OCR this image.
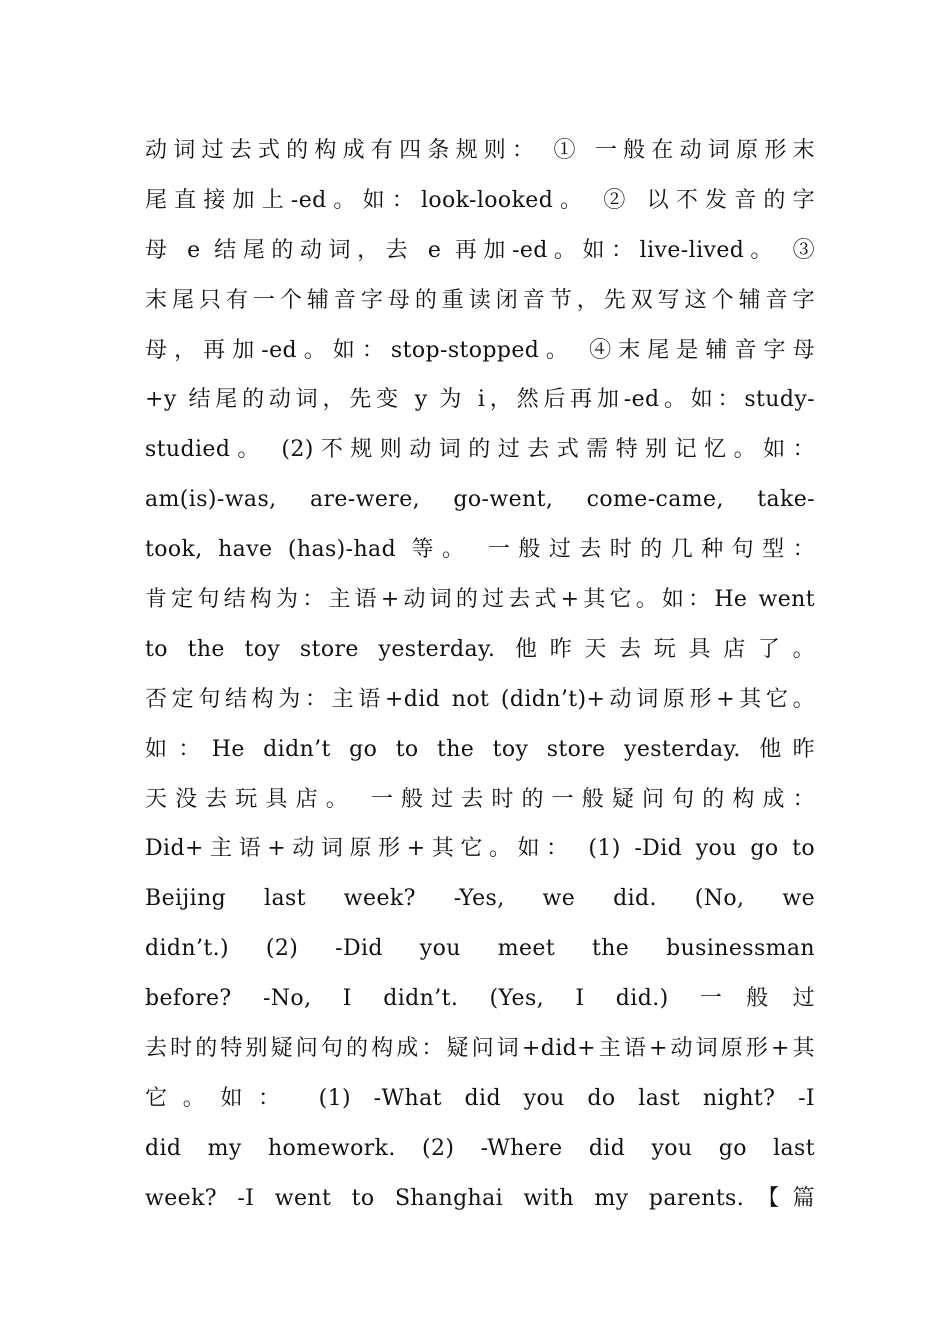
动词过去式的构成有四条规则： ① 一般在动词原形末
尾直接加上-ed。如：look-looked。 ② 以不发音的字
母 e 结尾的动词，去 e 再加-ed。如：live-lived。 ③
末尾只有一个辅音字母的重读闭音节，先双写这个辅音字
母，再加-ed。如：stop-stopped。 ④末尾是辅音字母
+y 结尾的动词，先变 y 为 i，然后再加-ed。如：study-
studied。 (2)不规则动词的过去式需特别记忆。如：
am(is)-was, are-were, go-went, come-came, take-
took, have (has)-had 等。 一般过去时的几种句型：
肯定句结构为：主语+动词的过去式+其它。如：He went
to the toy store yesterday. 他昨天去玩具店了。
否定句结构为：主语+did not (didn’t)+动词原形+其它。
如：He didn’t go to the toy store yesterday. 他昨
天没去玩具店。 一般过去时的一般疑问句的构成：
Did+主语+动词原形+其它。如： (1) -Did you go to
Beijing last week? -Yes, we did. (No, we
didn’t.) (2) -Did you meet the businessman
before? -No, I didn’t. (Yes, I did.) 一般过
去时的特别疑问句的构成：疑问词+did+主语+动词原形+其
它。如： (1) -What did you do last night? -I
did my homework. (2) -Where did you go last
week? -I went to Shanghai with my parents.【篇
